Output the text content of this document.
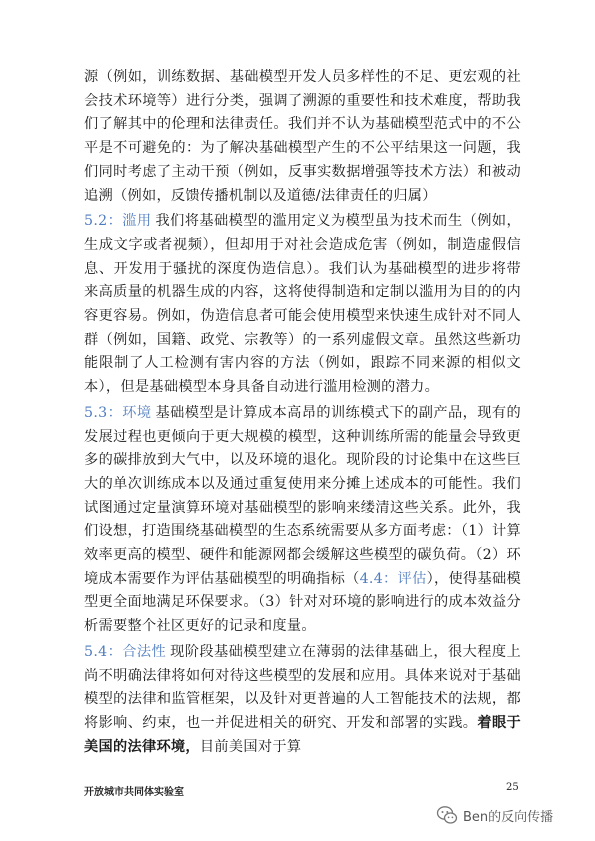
源（例如，训练数据、基础模型开发人员多样性的不足、更宏观的社会技术环境等）进行分类，强调了溯源的重要性和技术难度，帮助我们了解其中的伦理和法律责任。我们并不认为基础模型范式中的不公平是不可避免的：为了解决基础模型产生的不公平结果这一问题，我们同时考虑了主动干预（例如，反事实数据增强等技术方法）和被动追溯（例如，反馈传播机制以及道德/法律责任的归属）

5.2：滥用 我们将基础模型的滥用定义为模型虽为技术而生（例如，生成文字或者视频），但却用于对社会造成危害（例如，制造虚假信息、开发用于骚扰的深度伪造信息）。我们认为基础模型的进步将带来高质量的机器生成的内容，这将使得制造和定制以滥用为目的的内容更容易。例如，伪造信息者可能会使用模型来快速生成针对不同人群（例如，国籍、政党、宗教等）的一系列虚假文章。虽然这些新功能限制了人工检测有害内容的方法（例如，跟踪不同来源的相似文本），但是基础模型本身具备自动进行滥用检测的潜力。

5.3：环境 基础模型是计算成本高昂的训练模式下的副产品，现有的发展过程也更倾向于更大规模的模型，这种训练所需的能量会导致更多的碳排放到大气中，以及环境的退化。现阶段的讨论集中在这些巨大的单次训练成本以及通过重复使用来分摊上述成本的可能性。我们试图通过定量演算环境对基础模型的影响来缕清这些关系。此外，我们设想，打造围绕基础模型的生态系统需要从多方面考虑：（1）计算效率更高的模型、硬件和能源网都会缓解这些模型的碳负荷。（2）环境成本需要作为评估基础模型的明确指标（4.4：评估），使得基础模型更全面地满足环保要求。（3）针对对环境的影响进行的成本效益分析需要整个社区更好的记录和度量。

5.4：合法性 现阶段基础模型建立在薄弱的法律基础上，很大程度上尚不明确法律将如何对待这些模型的发展和应用。具体来说对于基础模型的法律和监管框架，以及针对更普遍的人工智能技术的法规，都将影响、约束，也一并促进相关的研究、开发和部署的实践。着眼于美国的法律环境，目前美国对于算

开放城市共同体实验室	25
Ben的反向传播
